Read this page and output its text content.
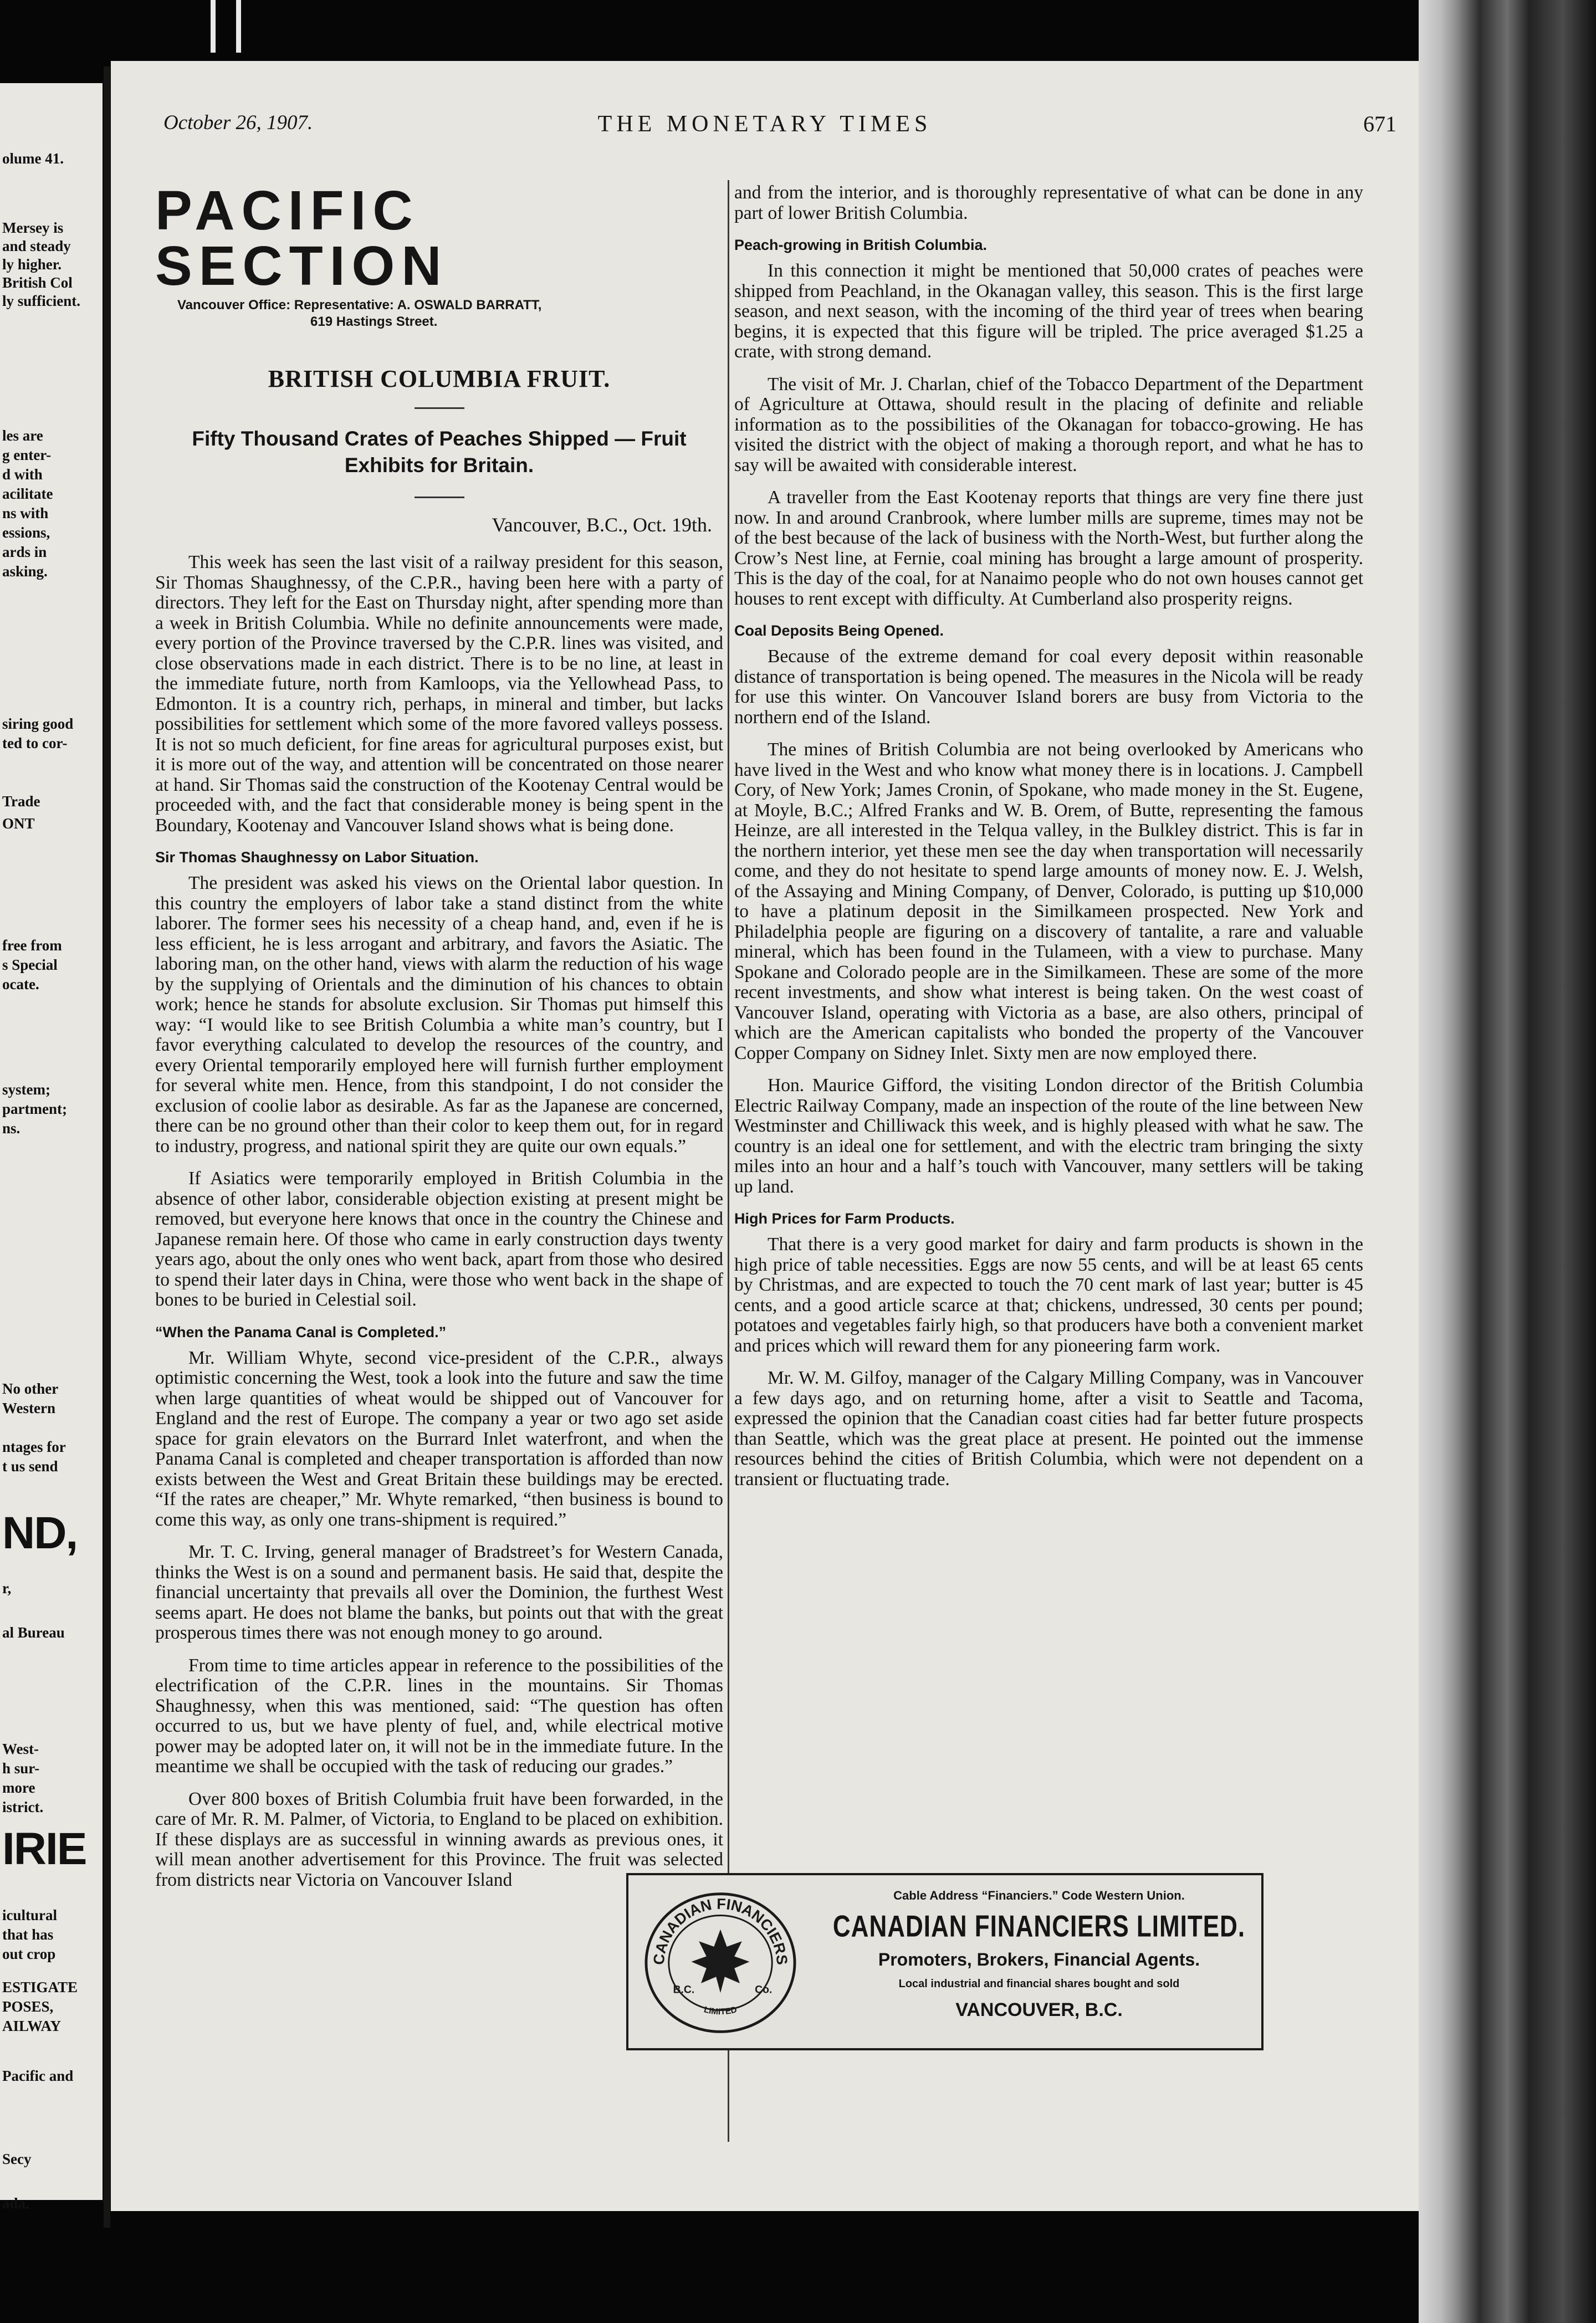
olume 41.
Mersey is
and steady
ly higher.
British Col
ly sufficient.
les are
g enter-
d with
acilitate
ns with
essions,
ards in
asking.
siring good
ted to cor-
Trade
ONT
free from
s Special
ocate.
system;
partment;
ns.
No other
Western
ntages for
t us send
ND,
r,
al Bureau
West-
h sur-
more
istrict.
IRIE
icultural
that has
out crop
ESTIGATE
POSES,
AILWAY
Pacific and
Secy
ada.
October 26, 1907.	THE MONETARY TIMES	671
PACIFIC SECTION
Vancouver Office: Representative: A. OSWALD BARRATT,
619 Hastings Street.
BRITISH COLUMBIA FRUIT.
Fifty Thousand Crates of Peaches Shipped — Fruit
Exhibits for Britain.
Vancouver, B.C., Oct. 19th.

This week has seen the last visit of a railway president for this season, Sir Thomas Shaughnessy, of the C.P.R., having been here with a party of directors. They left for the East on Thursday night, after spending more than a week in British Columbia. While no definite announcements were made, every portion of the Province traversed by the C.P.R. lines was visited, and close observations made in each district. There is to be no line, at least in the immediate future, north from Kamloops, via the Yellowhead Pass, to Edmonton. It is a country rich, perhaps, in mineral and timber, but lacks possibilities for settlement which some of the more favored valleys possess. It is not so much deficient, for fine areas for agricultural purposes exist, but it is more out of the way, and attention will be concentrated on those nearer at hand. Sir Thomas said the construction of the Kootenay Central would be proceeded with, and the fact that considerable money is being spent in the Boundary, Kootenay and Vancouver Island shows what is being done.

Sir Thomas Shaughnessy on Labor Situation.

The president was asked his views on the Oriental labor question. In this country the employers of labor take a stand distinct from the white laborer. The former sees his necessity of a cheap hand, and, even if he is less efficient, he is less arrogant and arbitrary, and favors the Asiatic. The laboring man, on the other hand, views with alarm the reduction of his wage by the supplying of Orientals and the diminution of his chances to obtain work; hence he stands for absolute exclusion. Sir Thomas put himself this way: “I would like to see British Columbia a white man’s country, but I favor everything calculated to develop the resources of the country, and every Oriental temporarily employed here will furnish further employment for several white men. Hence, from this standpoint, I do not consider the exclusion of coolie labor as desirable. As far as the Japanese are concerned, there can be no ground other than their color to keep them out, for in regard to industry, progress, and national spirit they are quite our own equals.”

If Asiatics were temporarily employed in British Columbia in the absence of other labor, considerable objection existing at present might be removed, but everyone here knows that once in the country the Chinese and Japanese remain here. Of those who came in early construction days twenty years ago, about the only ones who went back, apart from those who desired to spend their later days in China, were those who went back in the shape of bones to be buried in Celestial soil.

“When the Panama Canal is Completed.”

Mr. William Whyte, second vice-president of the C.P.R., always optimistic concerning the West, took a look into the future and saw the time when large quantities of wheat would be shipped out of Vancouver for England and the rest of Europe. The company a year or two ago set aside space for grain elevators on the Burrard Inlet waterfront, and when the Panama Canal is completed and cheaper transportation is afforded than now exists between the West and Great Britain these buildings may be erected. “If the rates are cheaper,” Mr. Whyte remarked, “then business is bound to come this way, as only one trans-shipment is required.”

Mr. T. C. Irving, general manager of Bradstreet’s for Western Canada, thinks the West is on a sound and permanent basis. He said that, despite the financial uncertainty that prevails all over the Dominion, the furthest West seems apart. He does not blame the banks, but points out that with the great prosperous times there was not enough money to go around.

From time to time articles appear in reference to the possibilities of the electrification of the C.P.R. lines in the mountains. Sir Thomas Shaughnessy, when this was mentioned, said: “The question has often occurred to us, but we have plenty of fuel, and, while electrical motive power may be adopted later on, it will not be in the immediate future. In the meantime we shall be occupied with the task of reducing our grades.”

Over 800 boxes of British Columbia fruit have been forwarded, in the care of Mr. R. M. Palmer, of Victoria, to England to be placed on exhibition. If these displays are as successful in winning awards as previous ones, it will mean another advertisement for this Province. The fruit was selected from districts near Victoria on Vancouver Island

and from the interior, and is thoroughly representative of what can be done in any part of lower British Columbia.

Peach-growing in British Columbia.

In this connection it might be mentioned that 50,000 crates of peaches were shipped from Peachland, in the Okanagan valley, this season. This is the first large season, and next season, with the incoming of the third year of trees when bearing begins, it is expected that this figure will be tripled. The price averaged $1.25 a crate, with strong demand.

The visit of Mr. J. Charlan, chief of the Tobacco Department of the Department of Agriculture at Ottawa, should result in the placing of definite and reliable information as to the possibilities of the Okanagan for tobacco-growing. He has visited the district with the object of making a thorough report, and what he has to say will be awaited with considerable interest.

A traveller from the East Kootenay reports that things are very fine there just now. In and around Cranbrook, where lumber mills are supreme, times may not be of the best because of the lack of business with the North-West, but further along the Crow’s Nest line, at Fernie, coal mining has brought a large amount of prosperity. This is the day of the coal, for at Nanaimo people who do not own houses cannot get houses to rent except with difficulty. At Cumberland also prosperity reigns.

Coal Deposits Being Opened.

Because of the extreme demand for coal every deposit within reasonable distance of transportation is being opened. The measures in the Nicola will be ready for use this winter. On Vancouver Island borers are busy from Victoria to the northern end of the Island.

The mines of British Columbia are not being overlooked by Americans who have lived in the West and who know what money there is in locations. J. Campbell Cory, of New York; James Cronin, of Spokane, who made money in the St. Eugene, at Moyle, B.C.; Alfred Franks and W. B. Orem, of Butte, representing the famous Heinze, are all interested in the Telqua valley, in the Bulkley district. This is far in the northern interior, yet these men see the day when transportation will necessarily come, and they do not hesitate to spend large amounts of money now. E. J. Welsh, of the Assaying and Mining Company, of Denver, Colorado, is putting up $10,000 to have a platinum deposit in the Similkameen prospected. New York and Philadelphia people are figuring on a discovery of tantalite, a rare and valuable mineral, which has been found in the Tulameen, with a view to purchase. Many Spokane and Colorado people are in the Similkameen. These are some of the more recent investments, and show what interest is being taken. On the west coast of Vancouver Island, operating with Victoria as a base, are also others, principal of which are the American capitalists who bonded the property of the Vancouver Copper Company on Sidney Inlet. Sixty men are now employed there.

Hon. Maurice Gifford, the visiting London director of the British Columbia Electric Railway Company, made an inspection of the route of the line between New Westminster and Chilliwack this week, and is highly pleased with what he saw. The country is an ideal one for settlement, and with the electric tram bringing the sixty miles into an hour and a half’s touch with Vancouver, many settlers will be taking up land.

High Prices for Farm Products.

That there is a very good market for dairy and farm products is shown in the high price of table necessities. Eggs are now 55 cents, and will be at least 65 cents by Christmas, and are expected to touch the 70 cent mark of last year; butter is 45 cents, and a good article scarce at that; chickens, undressed, 30 cents per pound; potatoes and vegetables fairly high, so that producers have both a convenient market and prices which will reward them for any pioneering farm work.

Mr. W. M. Gilfoy, manager of the Calgary Milling Company, was in Vancouver a few days ago, and on returning home, after a visit to Seattle and Tacoma, expressed the opinion that the Canadian coast cities had far better future prospects than Seattle, which was the great place at present. He pointed out the immense resources behind the cities of British Columbia, which were not dependent on a transient or fluctuating trade.

CANADIAN FINANCIERS
B.C.	Co.
LIMITED
Cable Address “Financiers.” Code Western Union.
CANADIAN FINANCIERS LIMITED.
Promoters, Brokers, Financial Agents.
Local industrial and financial shares bought and sold
VANCOUVER, B.C.
